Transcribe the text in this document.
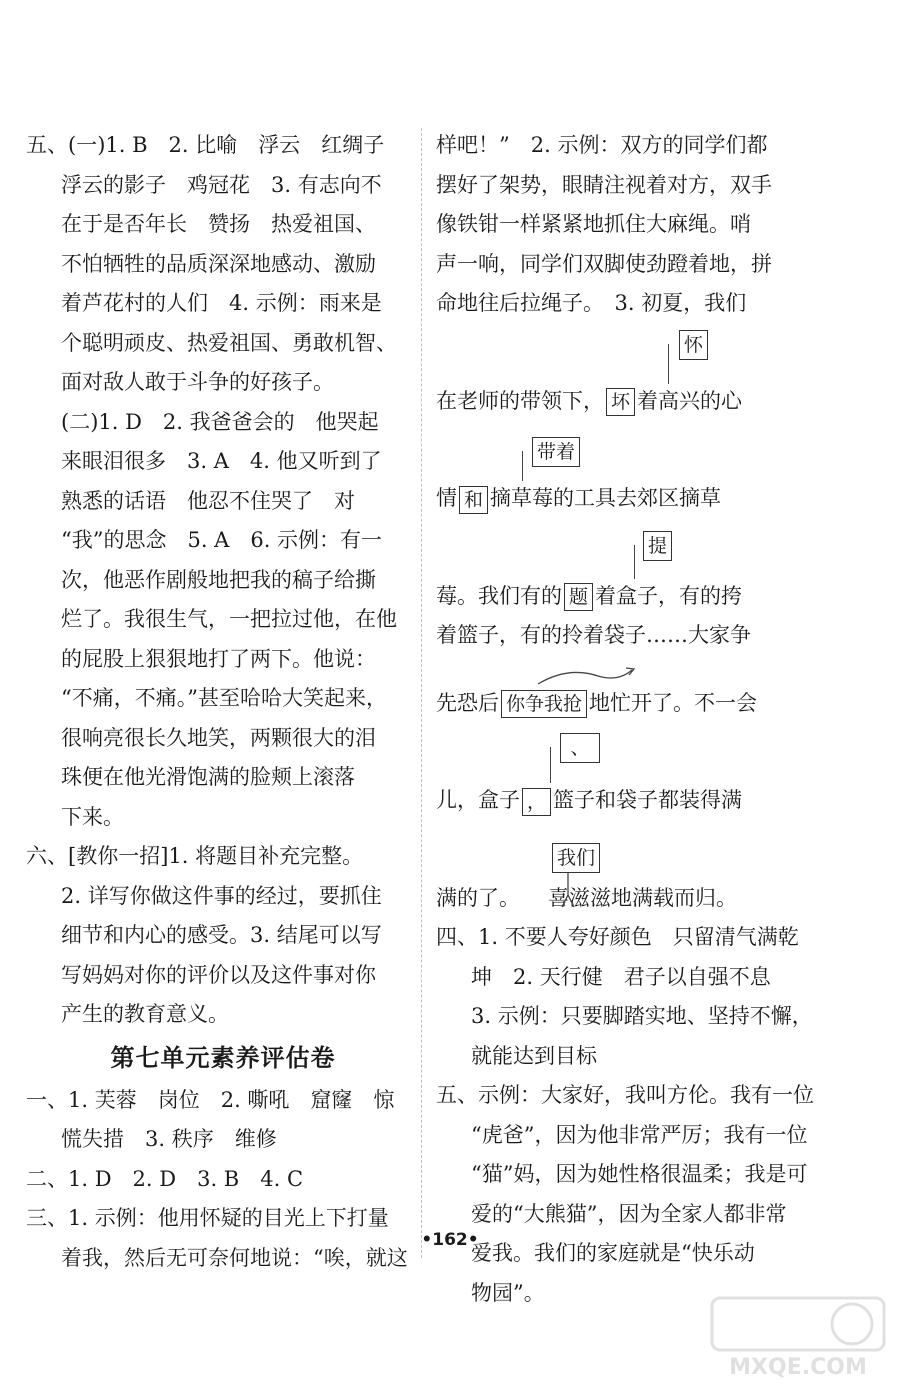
五、(一)1. B　2. 比喻　浮云　红绸子
浮云的影子　鸡冠花　3. 有志向不
在于是否年长　赞扬　热爱祖国、
不怕牺牲的品质深深地感动、激励
着芦花村的人们　4. 示例：雨来是
个聪明顽皮、热爱祖国、勇敢机智、
面对敌人敢于斗争的好孩子。
(二)1. D　2. 我爸爸会的　他哭起
来眼泪很多　3. A　4. 他又听到了
熟悉的话语　他忍不住哭了　对
“我”的思念　5. A　6. 示例：有一
次，他恶作剧般地把我的稿子给撕
烂了。我很生气，一把拉过他，在他
的屁股上狠狠地打了两下。他说：
“不痛，不痛。”甚至哈哈大笑起来，
很响亮很长久地笑，两颗很大的泪
珠便在他光滑饱满的脸颊上滚落
下来。
六、[教你一招]1. 将题目补充完整。
2. 详写你做这件事的经过，要抓住
细节和内心的感受。3. 结尾可以写
写妈妈对你的评价以及这件事对你
产生的教育意义。
第七单元素养评估卷
一、1. 芙蓉　岗位　2. 嘶吼　窟窿　惊
慌失措　3. 秩序　维修
二、1. D　2. D　3. B　4. C
三、1. 示例：他用怀疑的目光上下打量
着我，然后无可奈何地说：“唉，就这
样吧！”　2. 示例：双方的同学们都
摆好了架势，眼睛注视着对方，双手
像铁钳一样紧紧地抓住大麻绳。哨
声一响，同学们双脚使劲蹬着地，拼
命地往后拉绳子。　3. 初夏，我们
怀
在老师的带领下， 坏 着高兴的心
带着
情 和 摘草莓的工具去郊区摘草
提
莓。我们有的 题 着盒子，有的挎
着篮子，有的拎着袋子……大家争
先恐后 你争我抢 地忙开了。不一会
、
儿，盒子 ， 篮子和袋子都装得满
我们
满的了。 喜滋滋地满载而归。
四、1. 不要人夸好颜色　只留清气满乾
坤　2. 天行健　君子以自强不息
3. 示例：只要脚踏实地、坚持不懈，
就能达到目标
五、示例：大家好，我叫方伦。我有一位
“虎爸”，因为他非常严厉；我有一位
“猫”妈，因为她性格很温柔；我是可
爱的“大熊猫”，因为全家人都非常
爱我。我们的家庭就是“快乐动
物园”。
•162•
MXQE.COM
